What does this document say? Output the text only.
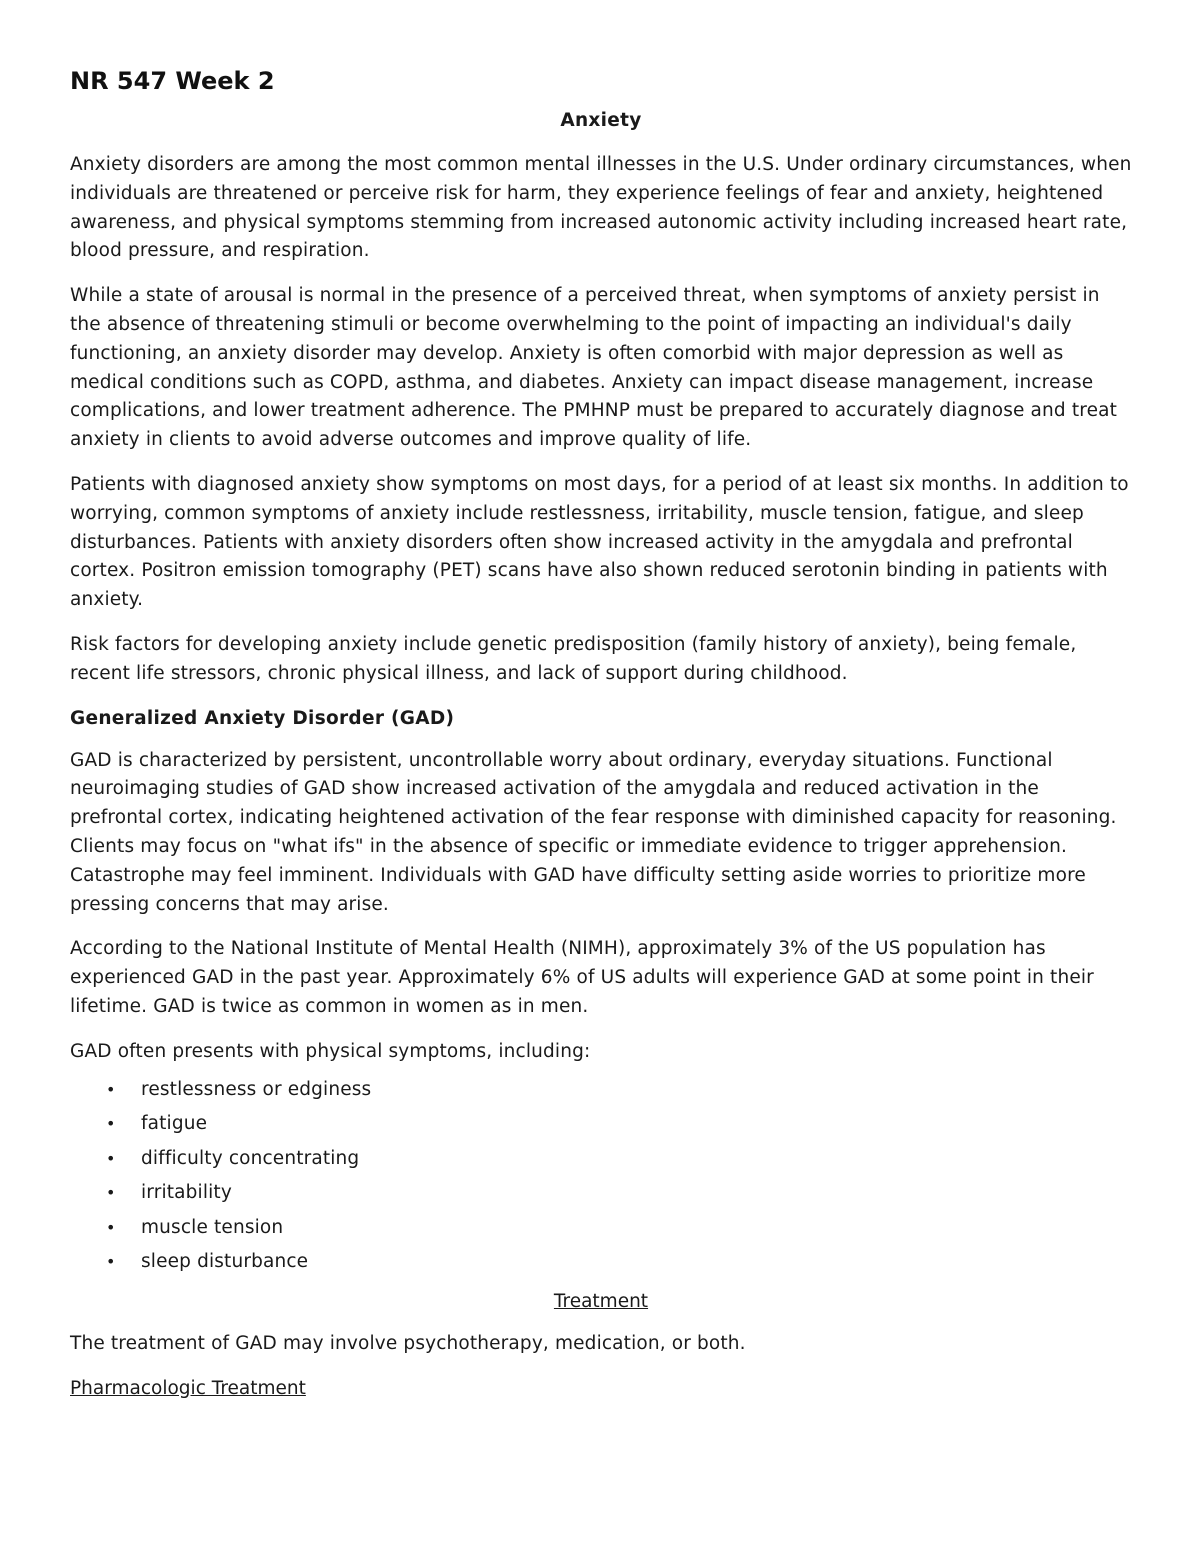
NR 547 Week 2
Anxiety

Anxiety disorders are among the most common mental illnesses in the U.S. Under ordinary circumstances, when individuals are threatened or perceive risk for harm, they experience feelings of fear and anxiety, heightened awareness, and physical symptoms stemming from increased autonomic activity including increased heart rate, blood pressure, and respiration.

While a state of arousal is normal in the presence of a perceived threat, when symptoms of anxiety persist in the absence of threatening stimuli or become overwhelming to the point of impacting an individual's daily functioning, an anxiety disorder may develop. Anxiety is often comorbid with major depression as well as medical conditions such as COPD, asthma, and diabetes. Anxiety can impact disease management, increase complications, and lower treatment adherence. The PMHNP must be prepared to accurately diagnose and treat anxiety in clients to avoid adverse outcomes and improve quality of life.

Patients with diagnosed anxiety show symptoms on most days, for a period of at least six months. In addition to worrying, common symptoms of anxiety include restlessness, irritability, muscle tension, fatigue, and sleep disturbances. Patients with anxiety disorders often show increased activity in the amygdala and prefrontal cortex. Positron emission tomography (PET) scans have also shown reduced serotonin binding in patients with anxiety.

Risk factors for developing anxiety include genetic predisposition (family history of anxiety), being female, recent life stressors, chronic physical illness, and lack of support during childhood.

Generalized Anxiety Disorder (GAD)

GAD is characterized by persistent, uncontrollable worry about ordinary, everyday situations. Functional neuroimaging studies of GAD show increased activation of the amygdala and reduced activation in the prefrontal cortex, indicating heightened activation of the fear response with diminished capacity for reasoning. Clients may focus on "what ifs" in the absence of specific or immediate evidence to trigger apprehension. Catastrophe may feel imminent. Individuals with GAD have difficulty setting aside worries to prioritize more pressing concerns that may arise.

According to the National Institute of Mental Health (NIMH), approximately 3% of the US population has experienced GAD in the past year. Approximately 6% of US adults will experience GAD at some point in their lifetime. GAD is twice as common in women as in men.

GAD often presents with physical symptoms, including:

• restlessness or edginess
• fatigue
• difficulty concentrating
• irritability
• muscle tension
• sleep disturbance
Treatment

The treatment of GAD may involve psychotherapy, medication, or both.

Pharmacologic Treatment
